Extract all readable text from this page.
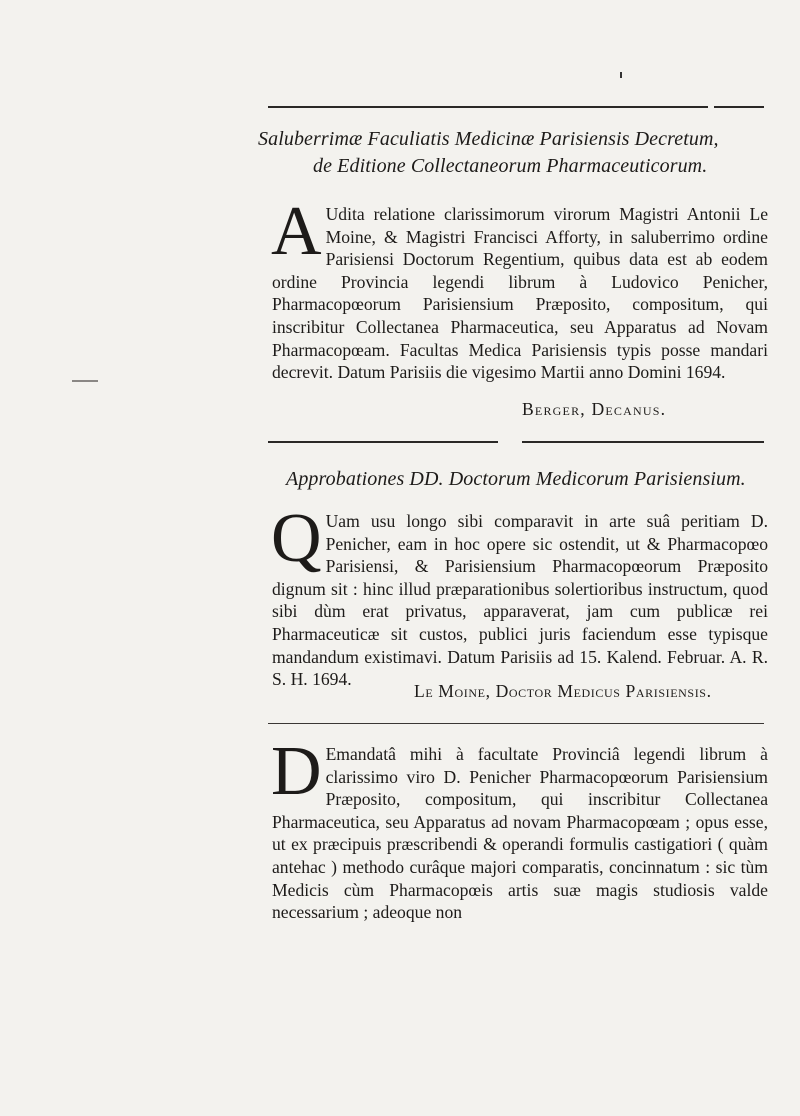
Saluberrimæ Faculiatis Medicinæ Parisiensis Decretum,
de Editione Collectaneorum Pharmaceuticorum.
A Udita relatione clarissimorum virorum Magistri Antonii Le Moine, & Magistri Francisci Afforty, in saluberrimo ordine Parisiensi Doctorum Regentium, quibus data est ab eodem ordine Provincia legendi librum à Ludovico Penicher, Pharmacopœorum Parisiensium Præposito, compositum, qui inscribitur Collectanea Pharmaceutica, seu Apparatus ad Novam Pharmacopœam. Facultas Medica Parisiensis typis posse mandari decrevit. Datum Parisiis die vigesimo Martii anno Domini 1694.
Berger, Decanus.
Approbationes DD. Doctorum Medicorum Parisiensium.
Q Uam usu longo sibi comparavit in arte suâ peritiam D. Penicher, eam in hoc opere sic ostendit, ut & Pharmacopœo Parisiensi, & Parisiensium Pharmacopœorum Præposito dignum sit : hinc illud præparationibus solertioribus instructum, quod sibi dùm erat privatus, apparaverat, jam cum publicæ rei Pharmaceuticæ sit custos, publici juris faciendum esse typisque mandandum existimavi. Datum Parisiis ad 15. Kalend. Februar. A. R. S. H. 1694.
Le Moine, Doctor Medicus Parisiensis.
D Emandatâ mihi à facultate Provinciâ legendi librum à clarissimo viro D. Penicher Pharmacopœorum Parisiensium Præposito, compositum, qui inscribitur Collectanea Pharmaceutica, seu Apparatus ad novam Pharmacopœam ; opus esse, ut ex præcipuis præscribendi & operandi formulis castigatiori ( quàm antehac ) methodo curâque majori comparatis, concinnatum : sic tùm Medicis cùm Pharmacopœis artis suæ magis studiosis valde necessarium ; adeoque non
